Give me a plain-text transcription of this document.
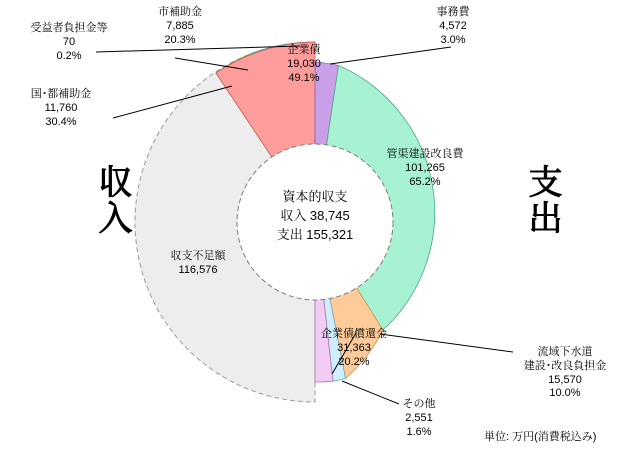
受益者負担金等
70
0.2%
市補助金
7,885
20.3%
国･都補助金
11,760
30.4%
企業債
19,030
49.1%
事務費
4,572
3.0%
管渠建設改良費
101,265
65.2%
流域下水道
建設･改良負担金
15,570
10.0%
その他
2,551
1.6%
企業債償還金
31,363
20.2%
収支不足額
116,576
収入
支出
資本的収支
収入 38,745
支出 155,321
単位: 万円(消費税込み)
